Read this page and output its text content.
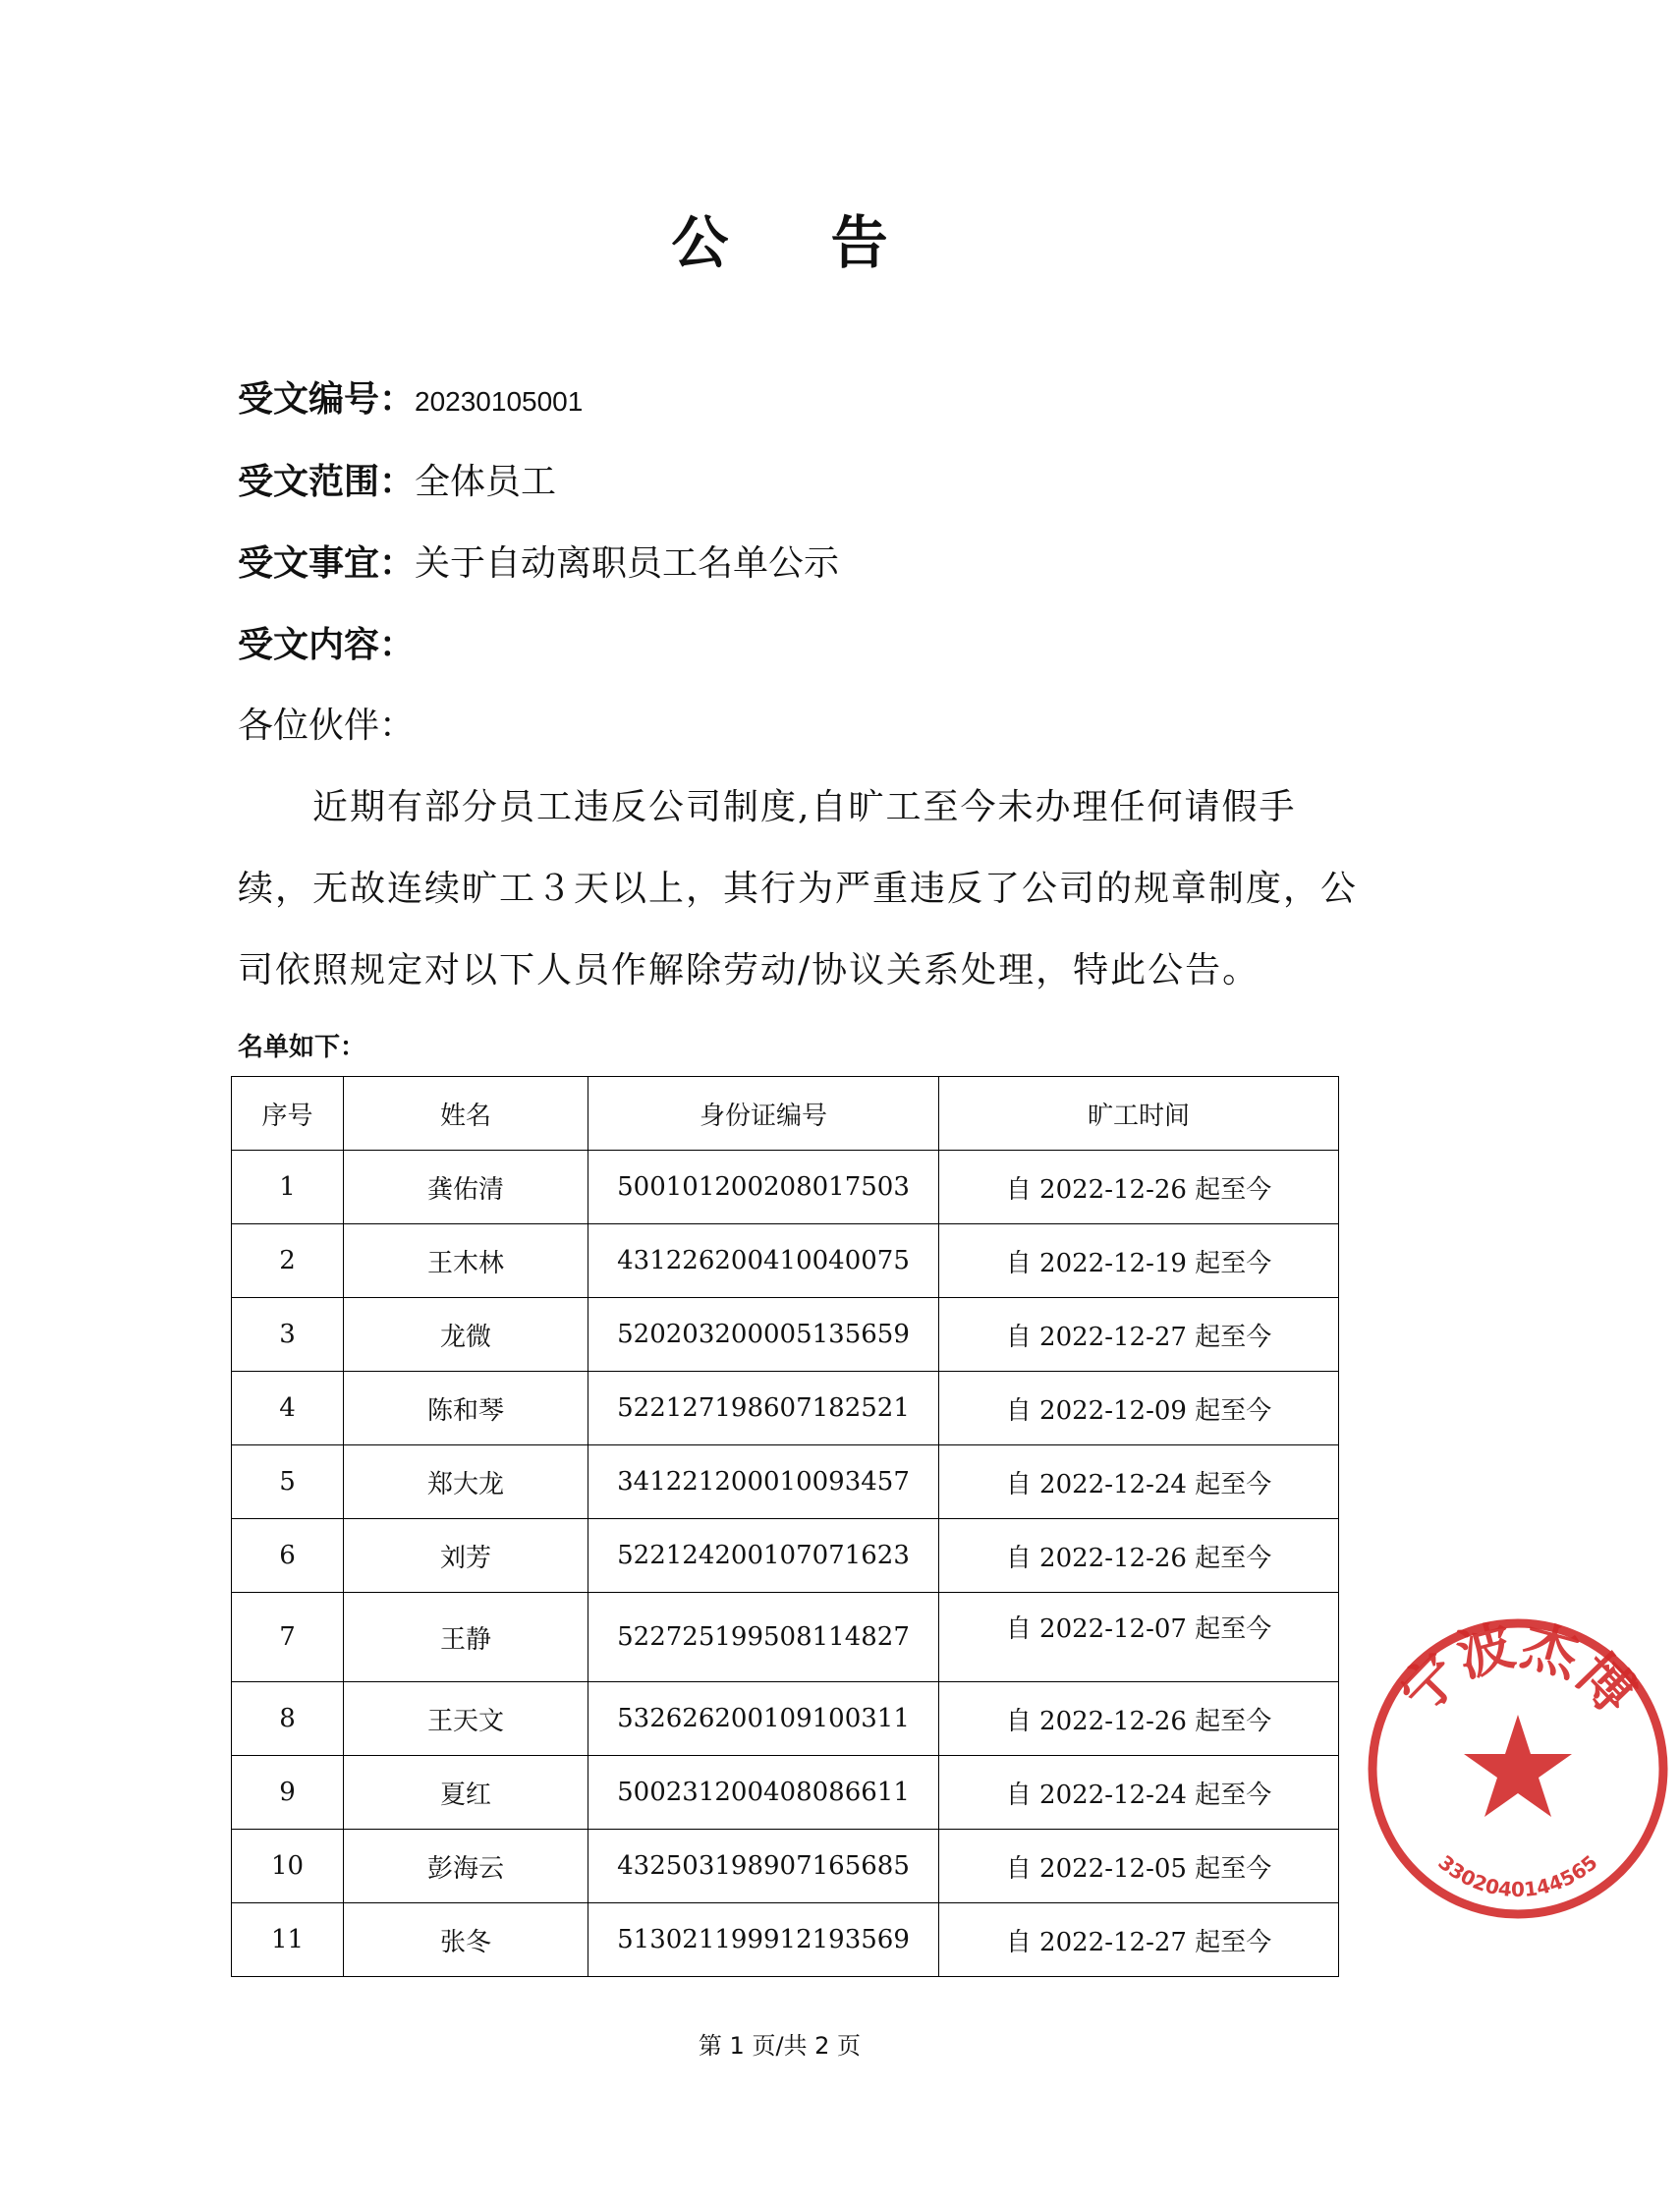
公 告
受文编号：20230105001
受文范围：全体员工
受文事宜：关于自动离职员工名单公示
受文内容：
各位伙伴：
　　近期有部分员工违反公司制度,自旷工至今未办理任何请假手
续，无故连续旷工３天以上，其行为严重违反了公司的规章制度，公
司依照规定对以下人员作解除劳动/协议关系处理，特此公告。
名单如下：
序号	姓名	身份证编号	旷工时间
1	龚佑清	500101200208017503	自 2022-12-26 起至今
2	王木林	431226200410040075	自 2022-12-19 起至今
3	龙微	520203200005135659	自 2022-12-27 起至今
4	陈和琴	522127198607182521	自 2022-12-09 起至今
5	郑大龙	341221200010093457	自 2022-12-24 起至今
6	刘芳	522124200107071623	自 2022-12-26 起至今
7	王静	522725199508114827	自 2022-12-07 起至今
8	王天文	532626200109100311	自 2022-12-26 起至今
9	夏红	500231200408086611	自 2022-12-24 起至今
10	彭海云	432503198907165685	自 2022-12-05 起至今
11	张冬	513021199912193569	自 2022-12-27 起至今
第 1 页/共 2 页
宁波杰博
3302040144565
